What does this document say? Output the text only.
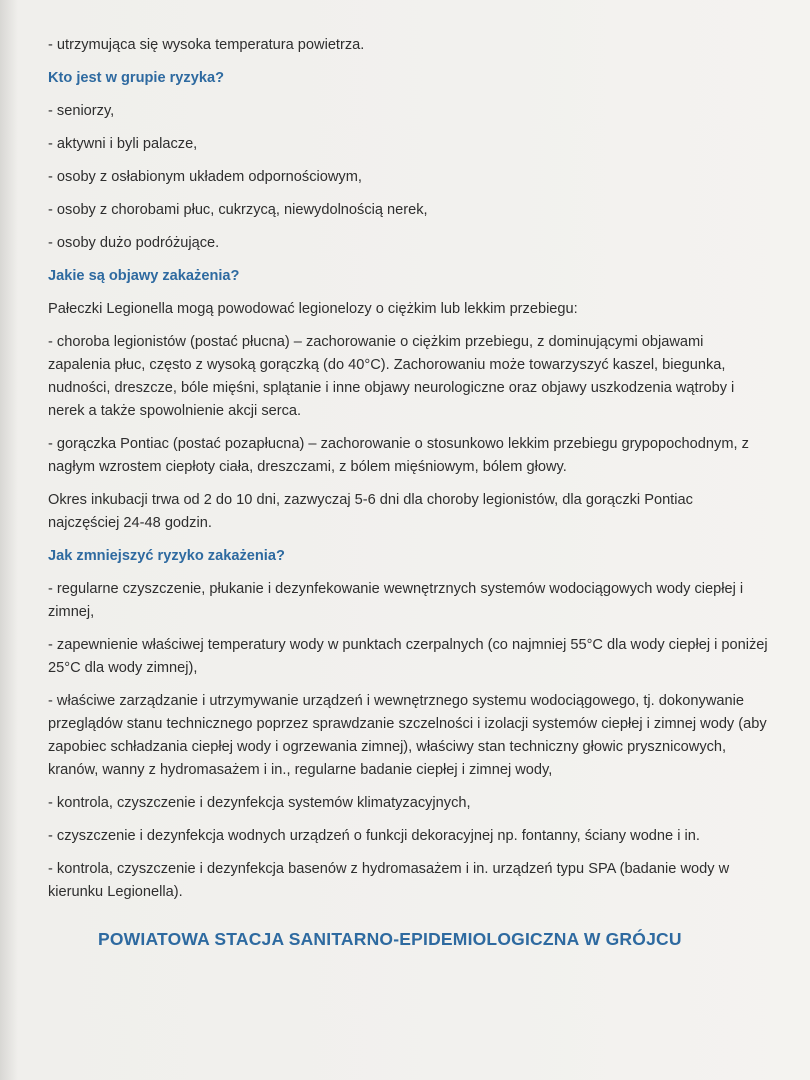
- utrzymująca się wysoka temperatura powietrza.

Kto jest w grupie ryzyka?

- seniorzy,

- aktywni i byli palacze,

- osoby z osłabionym układem odpornościowym,

- osoby z chorobami płuc, cukrzycą, niewydolnością nerek,

- osoby dużo podróżujące.

Jakie są objawy zakażenia?

Pałeczki Legionella mogą powodować legionelozy o ciężkim lub lekkim przebiegu:

- choroba legionistów (postać płucna) – zachorowanie o ciężkim przebiegu, z dominującymi objawami zapalenia płuc, często z wysoką gorączką (do 40°C). Zachorowaniu może towarzyszyć kaszel, biegunka, nudności, dreszcze, bóle mięśni, splątanie i inne objawy neurologiczne oraz objawy uszkodzenia wątroby i nerek a także spowolnienie akcji serca.

- gorączka Pontiac (postać pozapłucna) – zachorowanie o stosunkowo lekkim przebiegu grypopochodnym, z nagłym wzrostem ciepłoty ciała, dreszczami, z bólem mięśniowym, bólem głowy.

Okres inkubacji trwa od 2 do 10 dni, zazwyczaj 5-6 dni dla choroby legionistów, dla gorączki Pontiac najczęściej 24-48 godzin.

Jak zmniejszyć ryzyko zakażenia?

- regularne czyszczenie, płukanie i dezynfekowanie wewnętrznych systemów wodociągowych wody ciepłej i zimnej,

- zapewnienie właściwej temperatury wody w punktach czerpalnych (co najmniej 55°C dla wody ciepłej i poniżej 25°C dla wody zimnej),

- właściwe zarządzanie i utrzymywanie urządzeń i wewnętrznego systemu wodociągowego, tj. dokonywanie przeglądów stanu technicznego poprzez sprawdzanie szczelności i izolacji systemów ciepłej i zimnej wody (aby zapobiec schładzania ciepłej wody i ogrzewania zimnej), właściwy stan techniczny głowic prysznicowych, kranów, wanny z hydromasażem i in., regularne badanie ciepłej i zimnej wody,

- kontrola, czyszczenie i dezynfekcja systemów klimatyzacyjnych,

- czyszczenie i dezynfekcja wodnych urządzeń o funkcji dekoracyjnej np. fontanny, ściany wodne i in.

- kontrola, czyszczenie i dezynfekcja basenów z hydromasażem i in. urządzeń typu SPA (badanie wody w kierunku Legionella).

POWIATOWA STACJA SANITARNO-EPIDEMIOLOGICZNA W GRÓJCU
